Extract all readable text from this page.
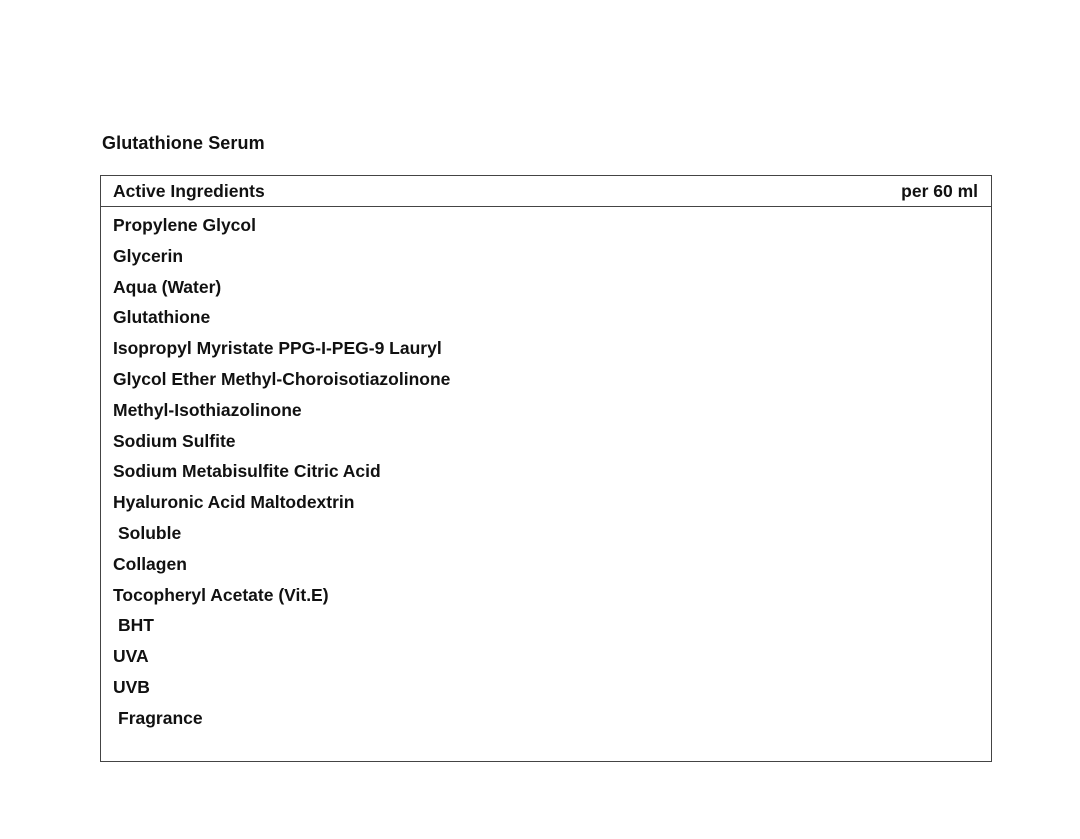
Glutathione Serum
Active Ingredients	per 60 ml
Propylene Glycol
Glycerin
Aqua (Water)
Glutathione
Isopropyl Myristate PPG-I-PEG-9 Lauryl
Glycol Ether Methyl-Choroisotiazolinone
Methyl-Isothiazolinone
Sodium Sulfite
Sodium Metabisulfite Citric Acid
Hyaluronic Acid Maltodextrin
Soluble
Collagen
Tocopheryl Acetate (Vit.E)
BHT
UVA
UVB
Fragrance
